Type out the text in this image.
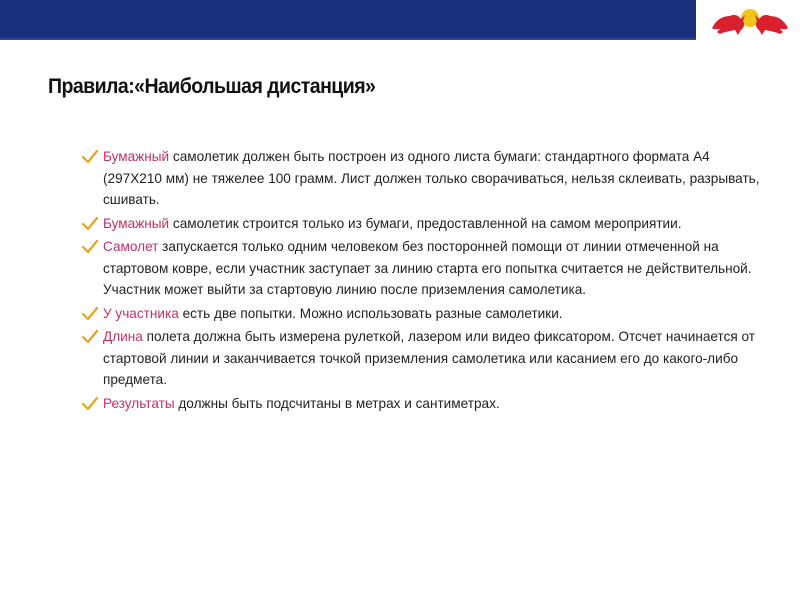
Правила:«Наибольшая дистанция»
Бумажный самолетик должен быть построен из одного листа бумаги: стандартного формата А4 (297Х210 мм) не тяжелее 100 грамм. Лист должен только сворачиваться, нельзя склеивать, разрывать, сшивать.
Бумажный самолетик строится только из бумаги, предоставленной на самом мероприятии.
Самолет запускается только одним человеком без посторонней помощи от линии отмеченной на стартовом ковре, если участник заступает за линию старта его попытка считается не действительной. Участник может выйти за стартовую линию после приземления самолетика.
У участника есть две попытки. Можно использовать разные самолетики.
Длина полета должна быть измерена рулеткой, лазером или видео фиксатором. Отсчет начинается от стартовой линии и заканчивается точкой приземления самолетика или касанием его до какого-либо предмета.
Результаты должны быть подсчитаны в метрах и сантиметрах.
